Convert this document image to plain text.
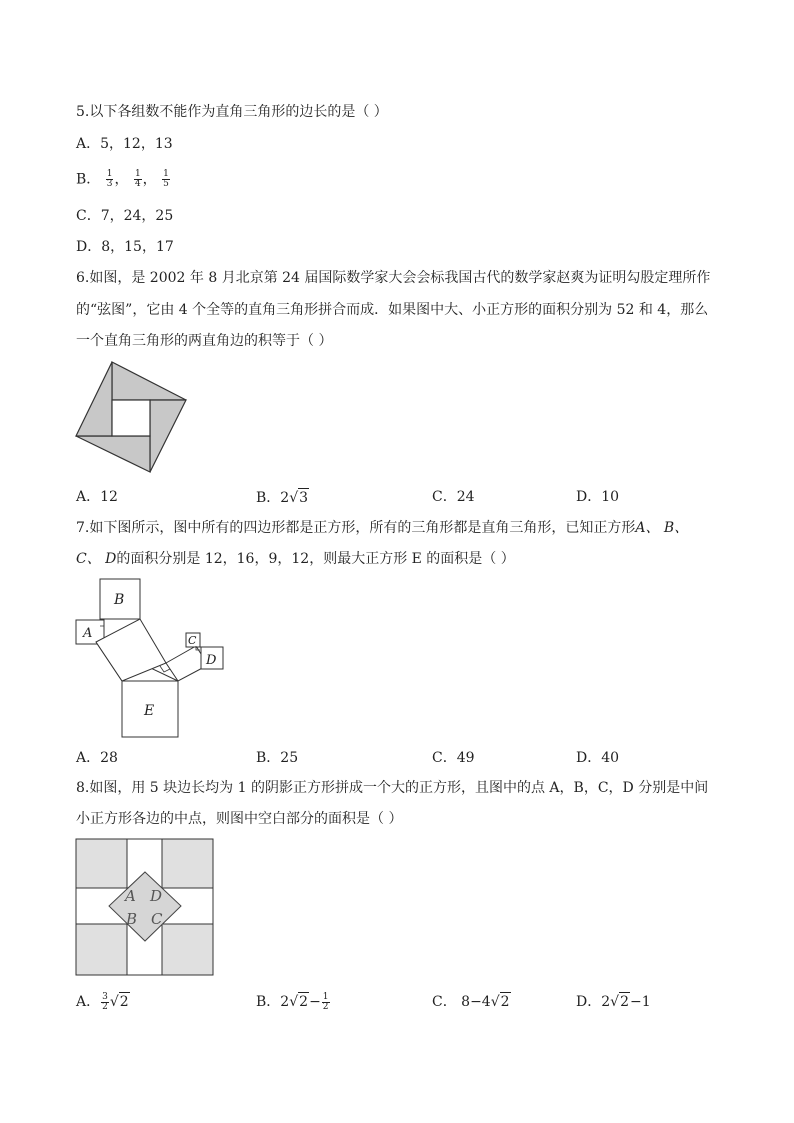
5.以下各组数不能作为直角三角形的边长的是（ ）
A．5，12，13
B． $\frac{1}{3}$ ， $\frac{1}{4}$ ， $\frac{1}{5}$
C．7，24，25
D．8，15，17
6.如图，是 2002 年 8 月北京第 24 届国际数学家大会会标我国古代的数学家赵爽为证明勾股定理所作
的“弦图”，它由 4 个全等的直角三角形拼合而成．如果图中大、小正方形的面积分别为 52 和 4，那么
一个直角三角形的两直角边的积等于（ ）
A．12	B．2√3	C．24	D．10
7.如下图所示，图中所有的四边形都是正方形，所有的三角形都是直角三角形，已知正方形A、 B、
C、 D的面积分别是 12，16，9，12，则最大正方形 E 的面积是（ ）
B
A	C
D
E
A．28	B．25	C．49	D．40
8.如图，用 5 块边长均为 1 的阴影正方形拼成一个大的正方形，且图中的点 A，B，C，D 分别是中间
小正方形各边的中点，则图中空白部分的面积是（ ）
A D
B C
A． $\frac{3}{2} √2$	B．$2√2- \frac{1}{2}$	C． 8−4√2	D．2√2−1
